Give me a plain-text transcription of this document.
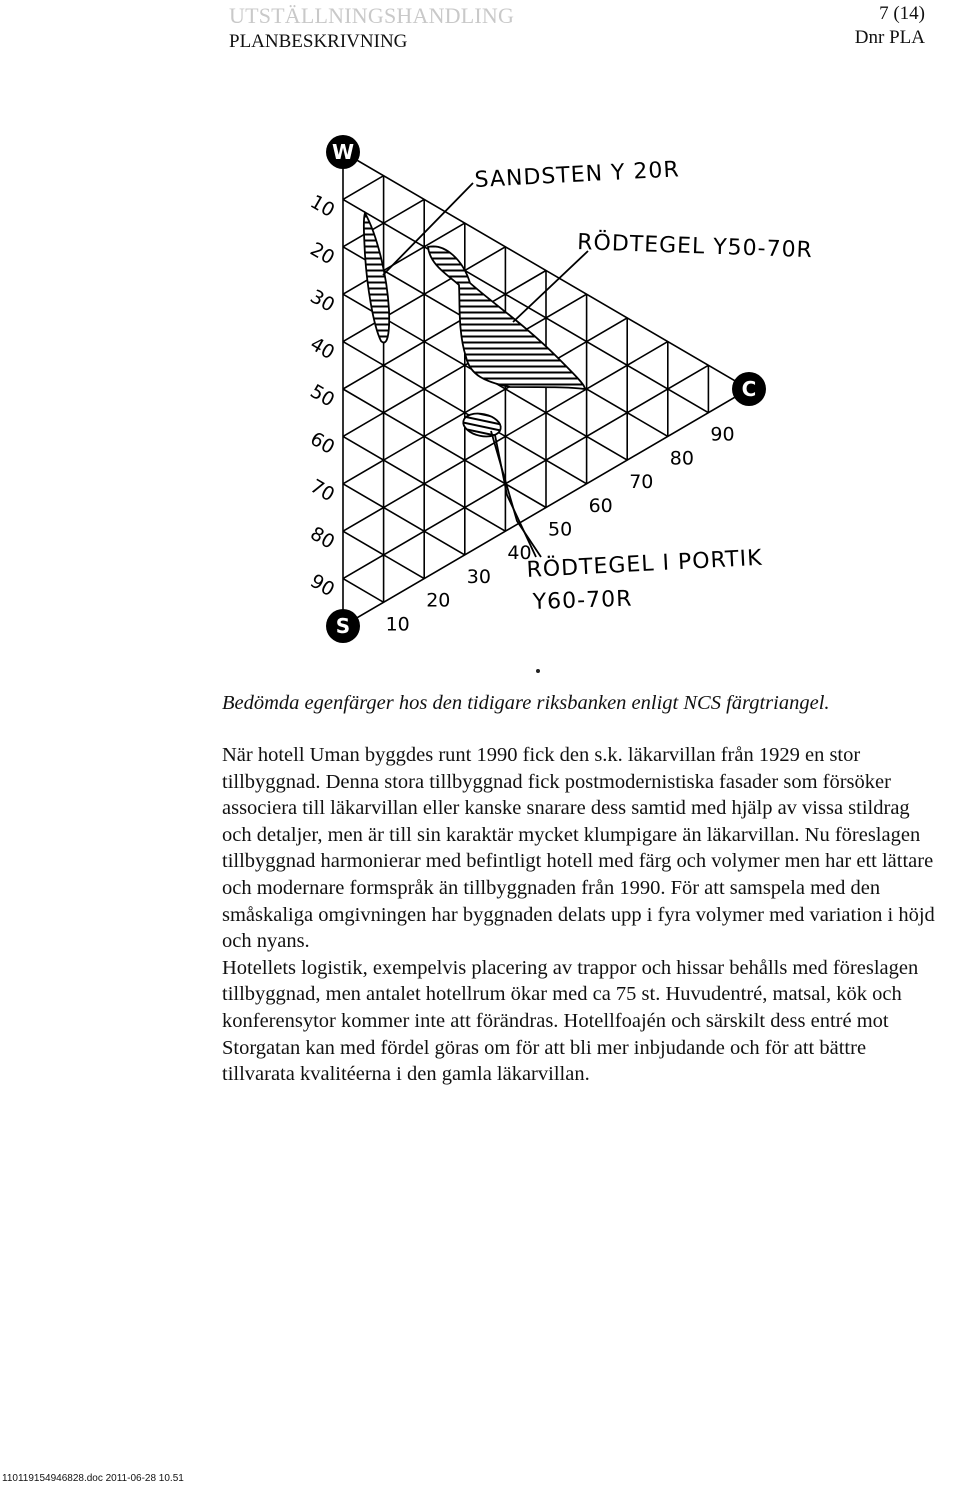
UTSTÄLLNINGSHANDLING
PLANBESKRIVNING
7 (14)
Dnr PLA
SANDSTEN Y 20R
RÖDTEGEL Y50-70R
RÖDTEGEL I PORTIK
Y60-70R
10
20
30
40
50
60
70
80
90
10
20
30
40
50
60
70
80
90
W
C
S
Bedömda egenfärger hos den tidigare riksbanken enligt NCS färgtriangel.

När hotell Uman byggdes runt 1990 fick den s.k. läkarvillan från 1929 en stor tillbyggnad. Denna stora tillbyggnad fick postmodernistiska fasader som försöker associera till läkarvillan eller kanske snarare dess samtid med hjälp av vissa stildrag och detaljer, men är till sin karaktär mycket klumpigare än läkarvillan. Nu föreslagen tillbyggnad harmonierar med befintligt hotell med färg och volymer men har ett lättare och modernare formspråk än tillbyggnaden från 1990. För att samspela med den småskaliga omgivningen har byggnaden delats upp i fyra volymer med variation i höjd och nyans.

Hotellets logistik, exempelvis placering av trappor och hissar behålls med föreslagen tillbyggnad, men antalet hotellrum ökar med ca 75 st. Huvudentré, matsal, kök och konferensytor kommer inte att förändras. Hotellfoajén och särskilt dess entré mot Storgatan kan med fördel göras om för att bli mer inbjudande och för att bättre tillvarata kvalitéerna i den gamla läkarvillan.

110119154946828.doc 2011-06-28 10.51
